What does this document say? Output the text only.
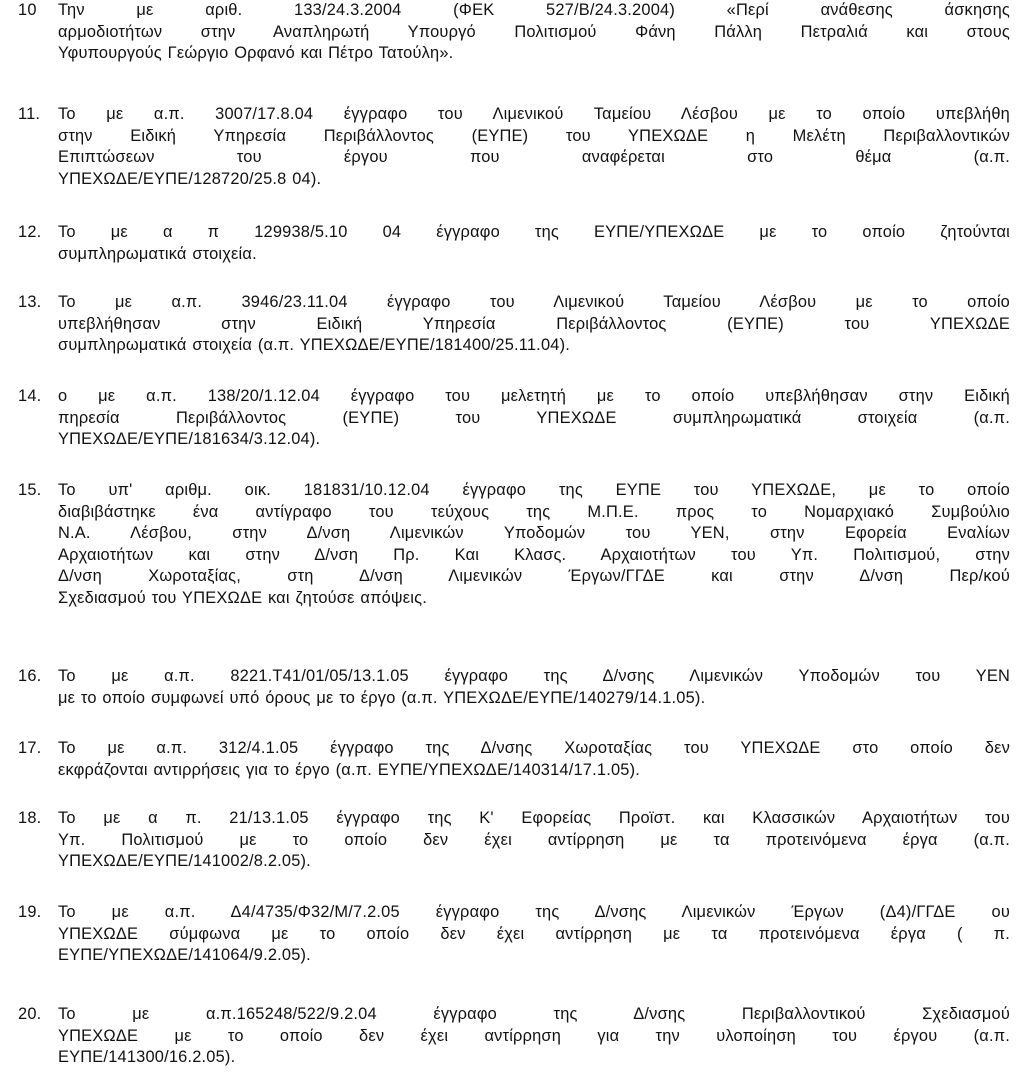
10	Την με αριθ. 133/24.3.2004 (ΦΕΚ 527/Β/24.3.2004) «Περί ανάθεσης άσκησης
αρμοδιοτήτων στην Αναπληρωτή Υπουργό Πολιτισμού Φάνη Πάλλη Πετραλιά και στους
Υφυπουργούς Γεώργιο Ορφανό και Πέτρο Τατούλη».
11.	Το με α.π. 3007/17.8.04 έγγραφο του Λιμενικού Ταμείου Λέσβου με το οποίο υπεβλήθη
στην Ειδική Υπηρεσία Περιβάλλοντος (ΕΥΠΕ) του ΥΠΕΧΩΔΕ η Μελέτη Περιβαλλοντικών
Επιπτώσεων του έργου που αναφέρεται στο θέμα (α.π.
ΥΠΕΧΩΔΕ/ΕΥΠΕ/128720/25.8 04).
12.	Το με α π 129938/5.10 04 έγγραφο της ΕΥΠΕ/ΥΠΕΧΩΔΕ με το οποίο ζητούνται
συμπληρωματικά στοιχεία.
13.	Το με α.π. 3946/23.11.04 έγγραφο του Λιμενικού Ταμείου Λέσβου με το οποίο
υπεβλήθησαν στην Ειδική Υπηρεσία Περιβάλλοντος (ΕΥΠΕ) του ΥΠΕΧΩΔΕ
συμπληρωματικά στοιχεία (α.π. ΥΠΕΧΩΔΕ/ΕΥΠΕ/181400/25.11.04).
14.	ο με α.π. 138/20/1.12.04 έγγραφο του μελετητή με το οποίο υπεβλήθησαν στην Ειδική
πηρεσία Περιβάλλοντος (ΕΥΠΕ) του ΥΠΕΧΩΔΕ συμπληρωματικά στοιχεία (α.π.
ΥΠΕΧΩΔΕ/ΕΥΠΕ/181634/3.12.04).
15.	Το υπ' αριθμ. οικ. 181831/10.12.04 έγγραφο της ΕΥΠΕ του ΥΠΕΧΩΔΕ, με το οποίο
διαβιβάστηκε ένα αντίγραφο του τεύχους της Μ.Π.Ε. προς το Νομαρχιακό Συμβούλιο
Ν.Α. Λέσβου, στην Δ/νση Λιμενικών Υποδομών του ΥΕΝ, στην Εφορεία Εναλίων
Αρχαιοτήτων και στην Δ/νση Πρ. Και Κλασς. Αρχαιοτήτων του Υπ. Πολιτισμού, στην
Δ/νση Χωροταξίας, στη Δ/νση Λιμενικών Έργων/ΓΓΔΕ και στην Δ/νση Περ/κού
Σχεδιασμού του ΥΠΕΧΩΔΕ και ζητούσε απόψεις.
16.	Το με α.π. 8221.Τ41/01/05/13.1.05 έγγραφο της Δ/νσης Λιμενικών Υποδομών του ΥΕΝ
με το οποίο συμφωνεί υπό όρους με το έργο (α.π. ΥΠΕΧΩΔΕ/ΕΥΠΕ/140279/14.1.05).
17.	Το με α.π. 312/4.1.05 έγγραφο της Δ/νσης Χωροταξίας του ΥΠΕΧΩΔΕ στο οποίο δεν
εκφράζονται αντιρρήσεις για το έργο (α.π. ΕΥΠΕ/ΥΠΕΧΩΔΕ/140314/17.1.05).
18.	Το με α π. 21/13.1.05 έγγραφο της Κ' Εφορείας Προϊστ. και Κλασσικών Αρχαιοτήτων του
Υπ. Πολιτισμού με το οποίο δεν έχει αντίρρηση με τα προτεινόμενα έργα (α.π.
ΥΠΕΧΩΔΕ/ΕΥΠΕ/141002/8.2.05).
19.	Το με α.π. Δ4/4735/Φ32/Μ/7.2.05 έγγραφο της Δ/νσης Λιμενικών Έργων (Δ4)/ΓΓΔΕ ου
ΥΠΕΧΩΔΕ σύμφωνα με το οποίο δεν έχει αντίρρηση με τα προτεινόμενα έργα ( π.
ΕΥΠΕ/ΥΠΕΧΩΔΕ/141064/9.2.05).
20.	Το με α.π.165248/522/9.2.04 έγγραφο της Δ/νσης Περιβαλλοντικού Σχεδιασμού
ΥΠΕΧΩΔΕ με το οποίο δεν έχει αντίρρηση για την υλοποίηση του έργου (α.π.
ΕΥΠΕ/141300/16.2.05).
